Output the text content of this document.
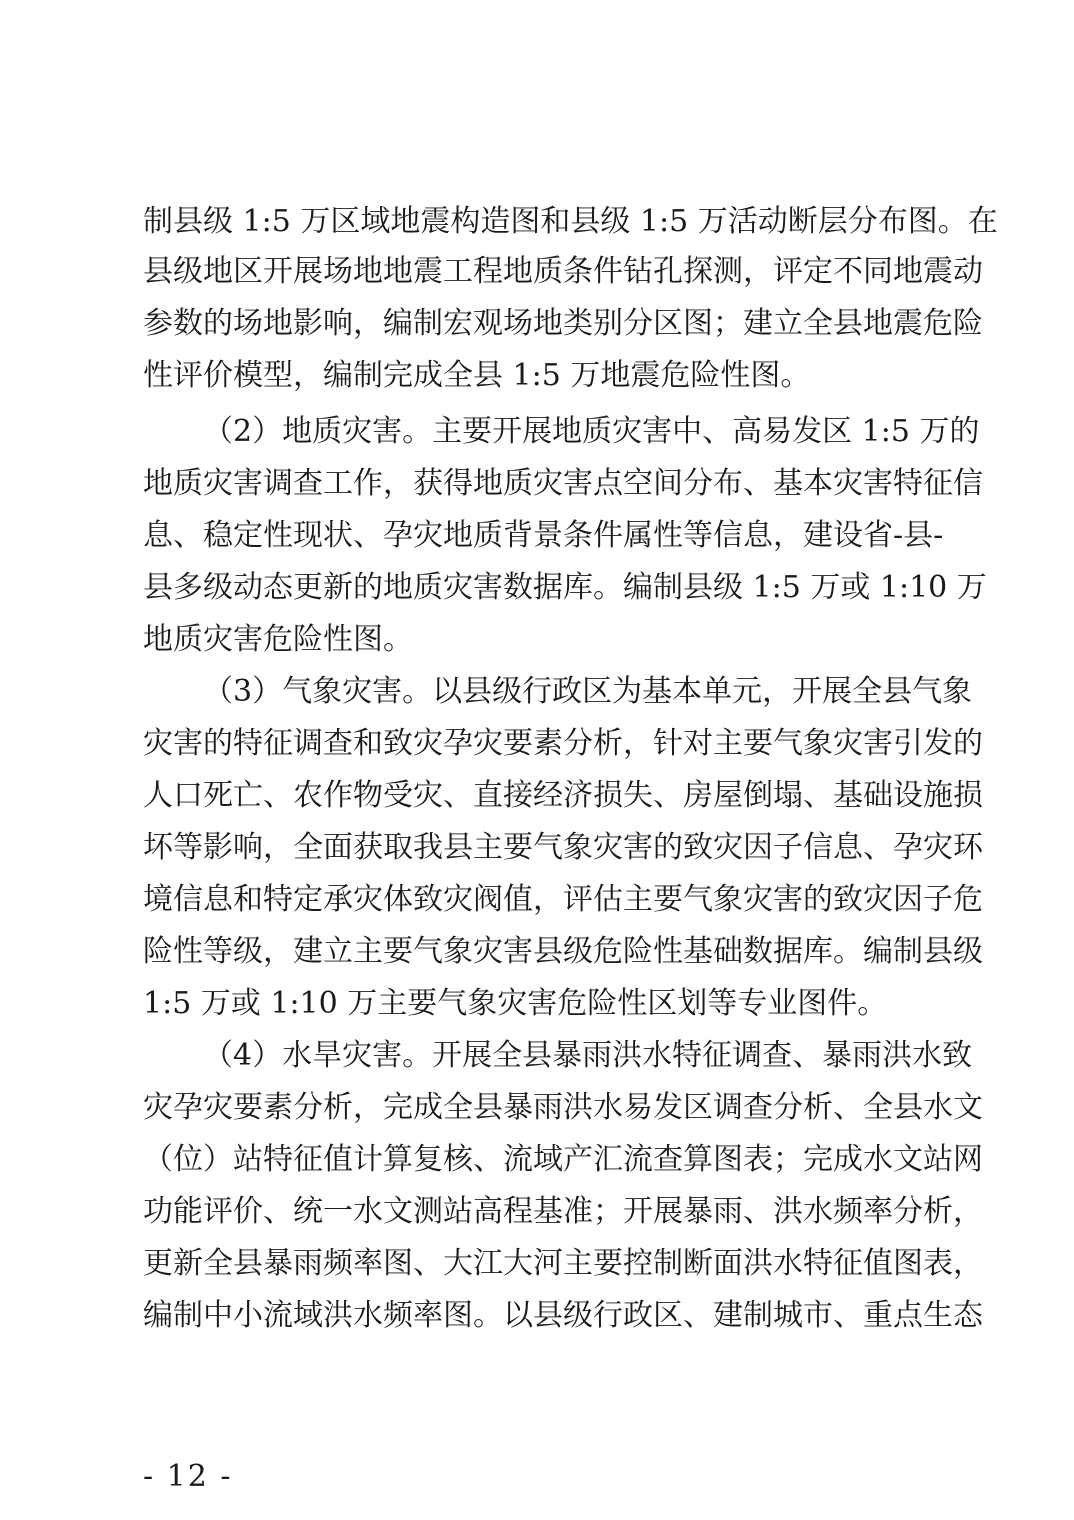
制县级 1:5 万区域地震构造图和县级 1:5 万活动断层分布图。在
县级地区开展场地地震工程地质条件钻孔探测，评定不同地震动
参数的场地影响，编制宏观场地类别分区图；建立全县地震危险
性评价模型，编制完成全县 1:5 万地震危险性图。
（2）地质灾害。主要开展地质灾害中、高易发区 1:5 万的
地质灾害调查工作，获得地质灾害点空间分布、基本灾害特征信
息、稳定性现状、孕灾地质背景条件属性等信息，建设省-县-
县多级动态更新的地质灾害数据库。编制县级 1:5 万或 1:10 万
地质灾害危险性图。
（3）气象灾害。以县级行政区为基本单元，开展全县气象
灾害的特征调查和致灾孕灾要素分析，针对主要气象灾害引发的
人口死亡、农作物受灾、直接经济损失、房屋倒塌、基础设施损
坏等影响，全面获取我县主要气象灾害的致灾因子信息、孕灾环
境信息和特定承灾体致灾阀值，评估主要气象灾害的致灾因子危
险性等级，建立主要气象灾害县级危险性基础数据库。编制县级
1:5 万或 1:10 万主要气象灾害危险性区划等专业图件。
（4）水旱灾害。开展全县暴雨洪水特征调查、暴雨洪水致
灾孕灾要素分析，完成全县暴雨洪水易发区调查分析、全县水文
（位）站特征值计算复核、流域产汇流查算图表；完成水文站网
功能评价、统一水文测站高程基准；开展暴雨、洪水频率分析，
更新全县暴雨频率图、大江大河主要控制断面洪水特征值图表，
编制中小流域洪水频率图。以县级行政区、建制城市、重点生态
- 12 -
